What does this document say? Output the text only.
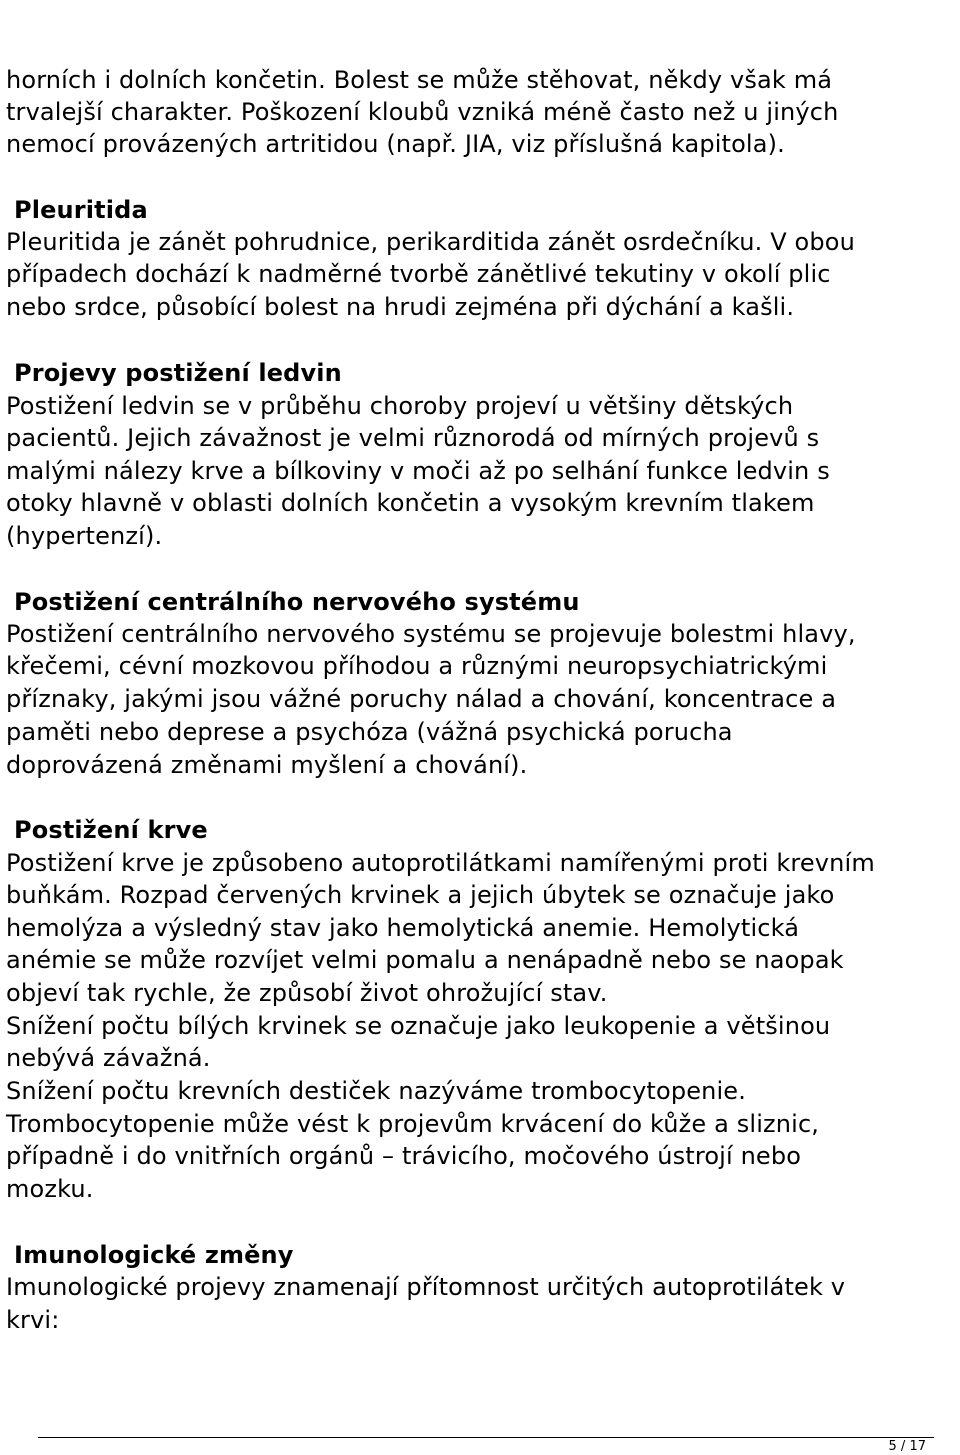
horních i dolních končetin. Bolest se může stěhovat, někdy však má
trvalejší charakter. Poškození kloubů vzniká méně často než u jiných
nemocí provázených artritidou (např. JIA, viz příslušná kapitola).
Pleuritida
Pleuritida je zánět pohrudnice, perikarditida zánět osrdečníku. V obou
případech dochází k nadměrné tvorbě zánětlivé tekutiny v okolí plic
nebo srdce, působící bolest na hrudi zejména při dýchání a kašli.
Projevy postižení ledvin
Postižení ledvin se v průběhu choroby projeví u většiny dětských
pacientů. Jejich závažnost je velmi různorodá od mírných projevů s
malými nálezy krve a bílkoviny v moči až po selhání funkce ledvin s
otoky hlavně v oblasti dolních končetin a vysokým krevním tlakem
(hypertenzí).
Postižení centrálního nervového systému
Postižení centrálního nervového systému se projevuje bolestmi hlavy,
křečemi, cévní mozkovou příhodou a různými neuropsychiatrickými
příznaky, jakými jsou vážné poruchy nálad a chování, koncentrace a
paměti nebo deprese a psychóza (vážná psychická porucha
doprovázená změnami myšlení a chování).
Postižení krve
Postižení krve je způsobeno autoprotilátkami namířenými proti krevním
buňkám. Rozpad červených krvinek a jejich úbytek se označuje jako
hemolýza a výsledný stav jako hemolytická anemie. Hemolytická
anémie se může rozvíjet velmi pomalu a nenápadně nebo se naopak
objeví tak rychle, že způsobí život ohrožující stav.
Snížení počtu bílých krvinek se označuje jako leukopenie a většinou
nebývá závažná.
Snížení počtu krevních destiček nazýváme trombocytopenie.
Trombocytopenie může vést k projevům krvácení do kůže a sliznic,
případně i do vnitřních orgánů – trávicího, močového ústrojí nebo
mozku.
Imunologické změny
Imunologické projevy znamenají přítomnost určitých autoprotilátek v
krvi:
5 / 17
